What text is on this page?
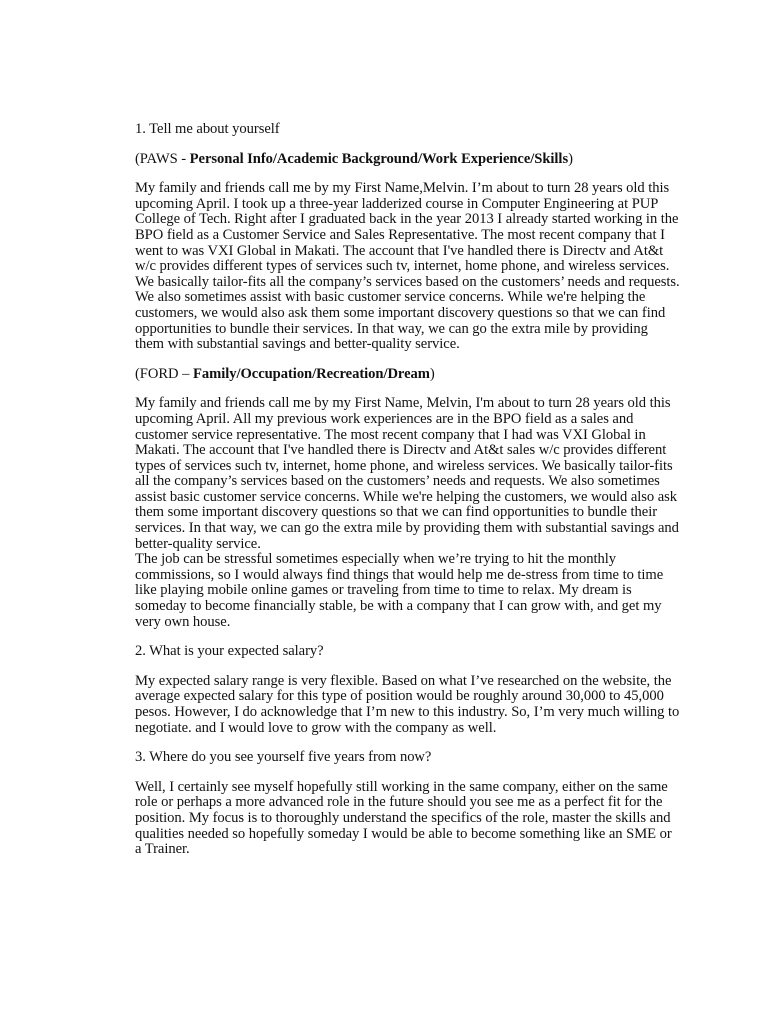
1. Tell me about yourself

(PAWS - Personal Info/Academic Background/Work Experience/Skills)

My family and friends call me by my First Name,Melvin. I’m about to turn 28 years old this upcoming April. I took up a three-year ladderized course in Computer Engineering at PUP College of Tech. Right after I graduated back in the year 2013 I already started working in the BPO field as a Customer Service and Sales Representative. The most recent company that I went to was VXI Global in Makati. The account that I've handled there is Directv and At&t w/c provides different types of services such tv, internet, home phone, and wireless services. We basically tailor-fits all the company’s services based on the customers’ needs and requests. We also sometimes assist with basic customer service concerns. While we're helping the customers, we would also ask them some important discovery questions so that we can find opportunities to bundle their services. In that way, we can go the extra mile by providing them with substantial savings and better-quality service.

(FORD – Family/Occupation/Recreation/Dream)

My family and friends call me by my First Name, Melvin, I'm about to turn 28 years old this upcoming April. All my previous work experiences are in the BPO field as a sales and customer service representative. The most recent company that I had was VXI Global in Makati. The account that I've handled there is Directv and At&t sales w/c provides different types of services such tv, internet, home phone, and wireless services. We basically tailor-fits all the company’s services based on the customers’ needs and requests. We also sometimes assist basic customer service concerns. While we're helping the customers, we would also ask them some important discovery questions so that we can find opportunities to bundle their services. In that way, we can go the extra mile by providing them with substantial savings and better-quality service.

The job can be stressful sometimes especially when we’re trying to hit the monthly commissions, so I would always find things that would help me de-stress from time to time like playing mobile online games or traveling from time to time to relax. My dream is someday to become financially stable, be with a company that I can grow with, and get my very own house.

2. What is your expected salary?

My expected salary range is very flexible. Based on what I’ve researched on the website, the average expected salary for this type of position would be roughly around 30,000 to 45,000 pesos. However, I do acknowledge that I’m new to this industry. So, I’m very much willing to negotiate. and I would love to grow with the company as well.

3. Where do you see yourself five years from now?

Well, I certainly see myself hopefully still working in the same company, either on the same role or perhaps a more advanced role in the future should you see me as a perfect fit for the position. My focus is to thoroughly understand the specifics of the role, master the skills and qualities needed so hopefully someday I would be able to become something like an SME or a Trainer.
